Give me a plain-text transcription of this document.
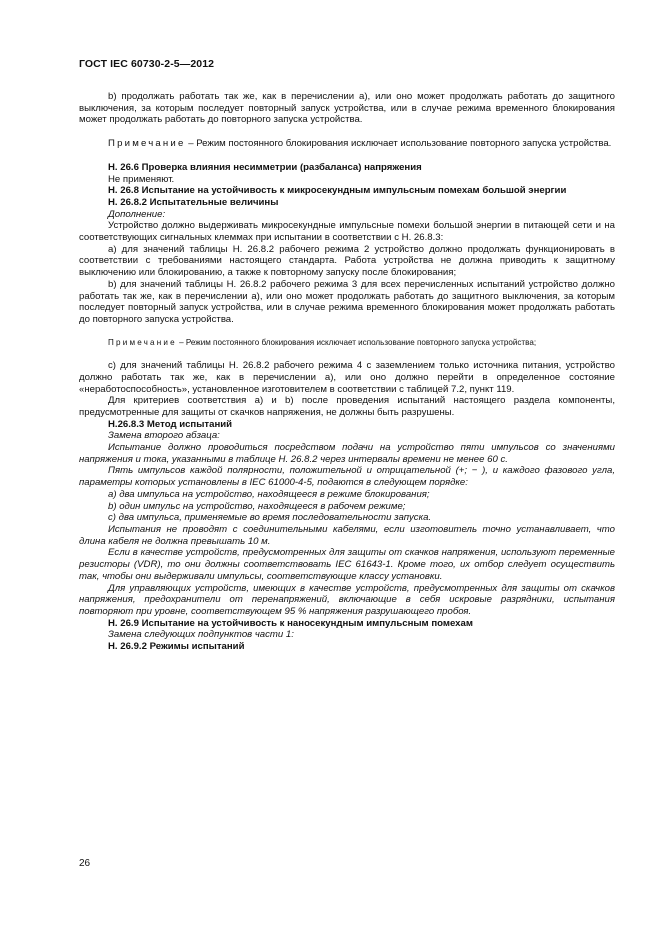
ГОСТ IEC 60730-2-5—2012

b) продолжать работать так же, как в перечислении a), или оно может продолжать работать до защитного выключения, за которым последует повторный запуск устройства, или в случае режима временного блокирования может продолжать работать до повторного запуска устройства.

Примечание – Режим постоянного блокирования исключает использование повторного запуска устройства.

Н. 26.6 Проверка влияния несимметрии (разбаланса) напряжения

Не применяют.

Н. 26.8 Испытание на устойчивость к микросекундным импульсным помехам большой энергии

Н. 26.8.2 Испытательные величины

Дополнение:

Устройство должно выдерживать микросекундные импульсные помехи большой энергии в питающей сети и на соответствующих сигнальных клеммах при испытании в соответствии с Н. 26.8.3:

a) для значений таблицы Н. 26.8.2 рабочего режима 2 устройство должно продолжать функционировать в соответствии с требованиями настоящего стандарта. Работа устройства не должна приводить к защитному выключению или блокированию, а также к повторному запуску после блокирования;

b) для значений таблицы Н. 26.8.2 рабочего режима 3 для всех перечисленных испытаний устройство должно работать так же, как в перечислении a), или оно может продолжать работать до защитного выключения, за которым последует повторный запуск устройства, или в случае режима временного блокирования может продолжать работать до повторного запуска устройства.

Примечание – Режим постоянного блокирования исключает использование повторного запуска устройства;

c) для значений таблицы Н. 26.8.2 рабочего режима 4 с заземлением только источника питания, устройство должно работать так же, как в перечислении a), или оно должно перейти в определенное состояние «неработоспособность», установленное изготовителем в соответствии с таблицей 7.2, пункт 119.

Для критериев соответствия a) и b) после проведения испытаний настоящего раздела компоненты, предусмотренные для защиты от скачков напряжения, не должны быть разрушены.

Н.26.8.3 Метод испытаний

Замена второго абзаца:

Испытание должно проводиться посредством подачи на устройство пяти импульсов со значениями напряжения и тока, указанными в таблице Н. 26.8.2 через интервалы времени не менее 60 с.

Пять импульсов каждой полярности, положительной и отрицательной (+; − ), и каждого фазового угла, параметры которых установлены в IEC 61000-4-5, подаются в следующем порядке:

a) два импульса на устройство, находящееся в режиме блокирования;

b) один импульс на устройство, находящееся в рабочем режиме;

c) два импульса, применяемые во время последовательности запуска.

Испытания не проводят с соединительными кабелями, если изготовитель точно устанавливает, что длина кабеля не должна превышать 10 м.

Если в качестве устройств, предусмотренных для защиты от скачков напряжения, используют переменные резисторы (VDR), то они должны соответствовать IEC 61643-1. Кроме того, их отбор следует осуществить так, чтобы они выдерживали импульсы, соответствующие классу установки.

Для управляющих устройств, имеющих в качестве устройств, предусмотренных для защиты от скачков напряжения, предохранители от перенапряжений, включающие в себя искровые разрядники, испытания повторяют при уровне, соответствующем 95 % напряжения разрушающего пробоя.

Н. 26.9 Испытание на устойчивость к наносекундным импульсным помехам

Замена следующих подпунктов части 1:

Н. 26.9.2 Режимы испытаний

26
